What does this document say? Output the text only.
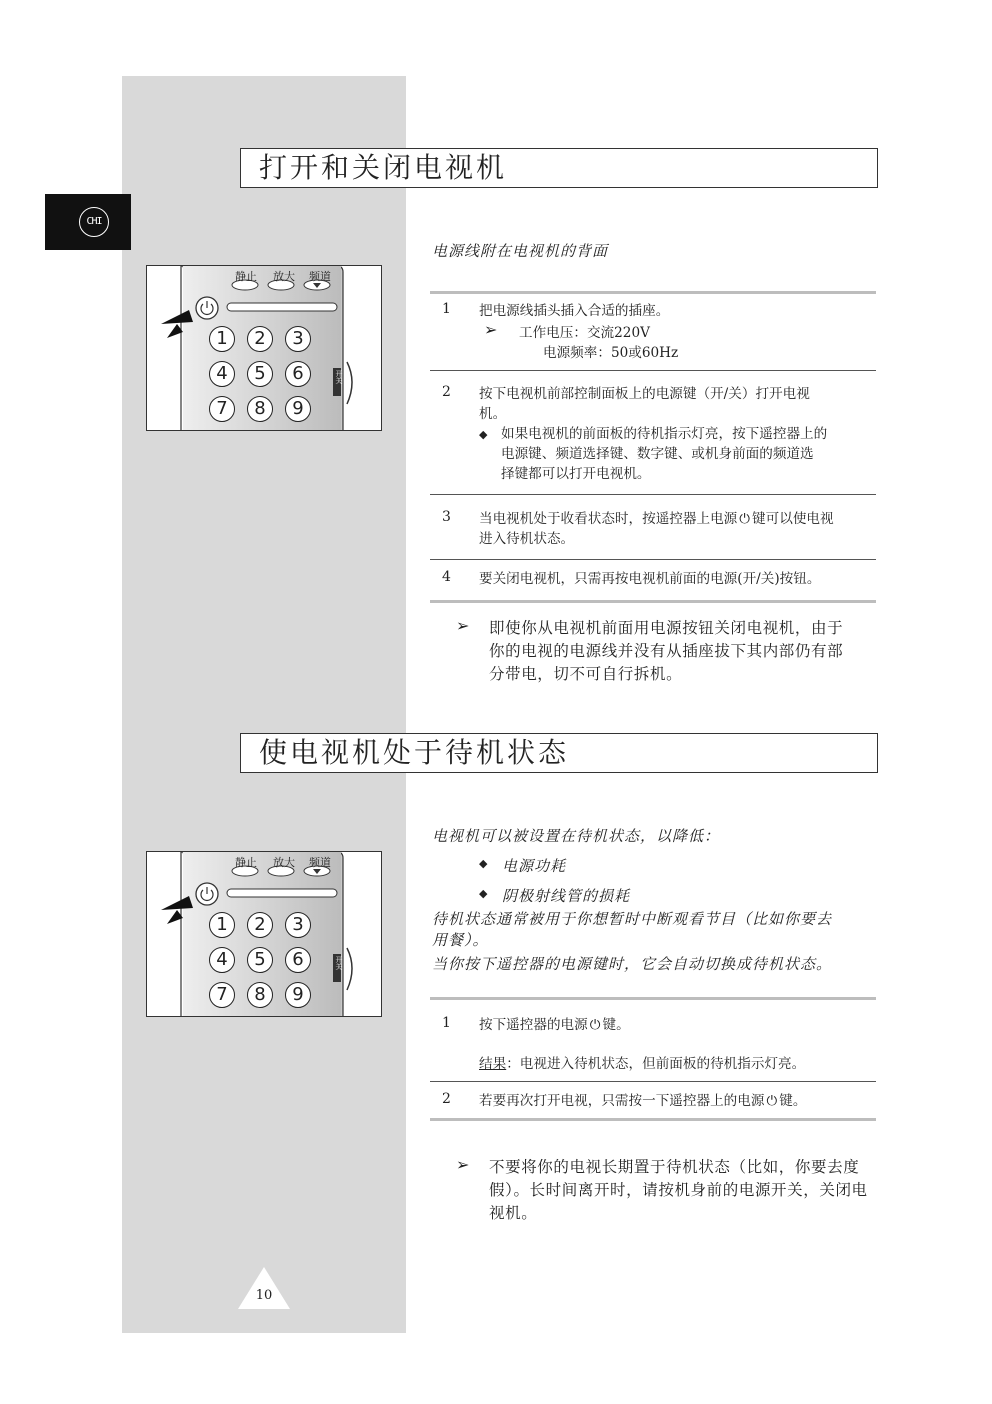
CHI
打开和关闭电视机
电源线附在电视机的背面
静止 放大 频道
1	2	3
4	5	6
7	8	9
开关
1 把电源线插头插入合适的插座。
➢ 工作电压：交流220V
电源频率：50或60Hz
2 按下电视机前部控制面板上的电源键（开/关）打开电视
机。
◆ 如果电视机的前面板的待机指示灯亮，按下遥控器上的
电源键、频道选择键、数字键、或机身前面的频道选
择键都可以打开电视机。
3 当电视机处于收看状态时，按遥控器上电源 ⏻ 键可以使电视
进入待机状态。
4 要关闭电视机，只需再按电视机前面的电源(开/关)按钮。
➢ 即使你从电视机前面用电源按钮关闭电视机，由于
你的电视的电源线并没有从插座拔下其内部仍有部
分带电，切不可自行拆机。
使电视机处于待机状态
电视机可以被设置在待机状态，以降低：
◆ 电源功耗
◆ 阴极射线管的损耗
待机状态通常被用于你想暂时中断观看节目（比如你要去
用餐）。
当你按下遥控器的电源键时，它会自动切换成待机状态。
静止 放大 频道
1	2	3
4	5	6
7	8	9
开关
1 按下遥控器的电源 ⏻ 键。
结果：电视进入待机状态，但前面板的待机指示灯亮。
2 若要再次打开电视，只需按一下遥控器上的电源 ⏻ 键。
➢ 不要将你的电视长期置于待机状态（比如，你要去度
假）。长时间离开时，请按机身前的电源开关，关闭电
视机。
10
